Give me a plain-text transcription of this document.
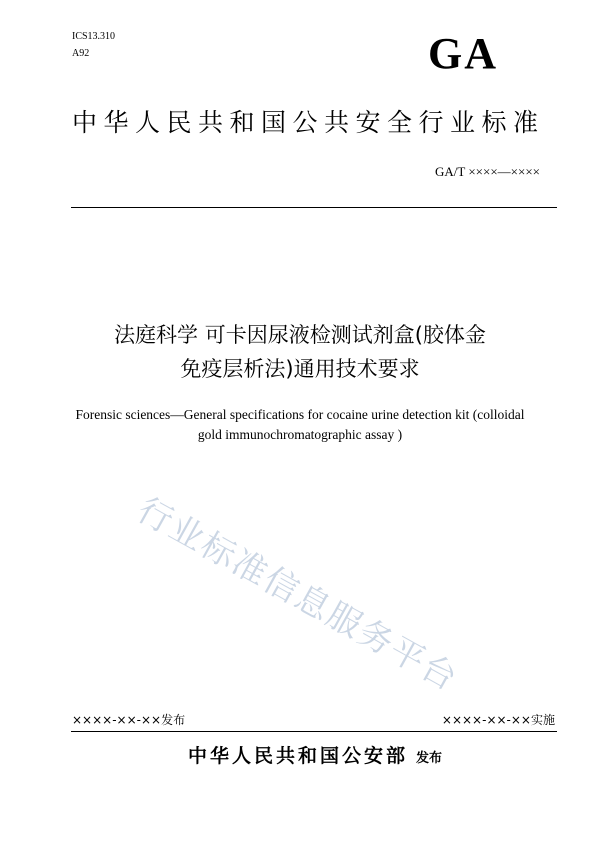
ICS13.310
A92	GA
中华人民共和国公共安全行业标准
GA/T ××××—××××
法庭科学 可卡因尿液检测试剂盒(胶体金
免疫层析法)通用技术要求
Forensic sciences—General specifications for cocaine urine detection kit (colloidal
gold immunochromatographic assay )
行业标准信息服务平台
××××-××-××发布	××××-××-××实施
中华人民共和国公安部 发布
